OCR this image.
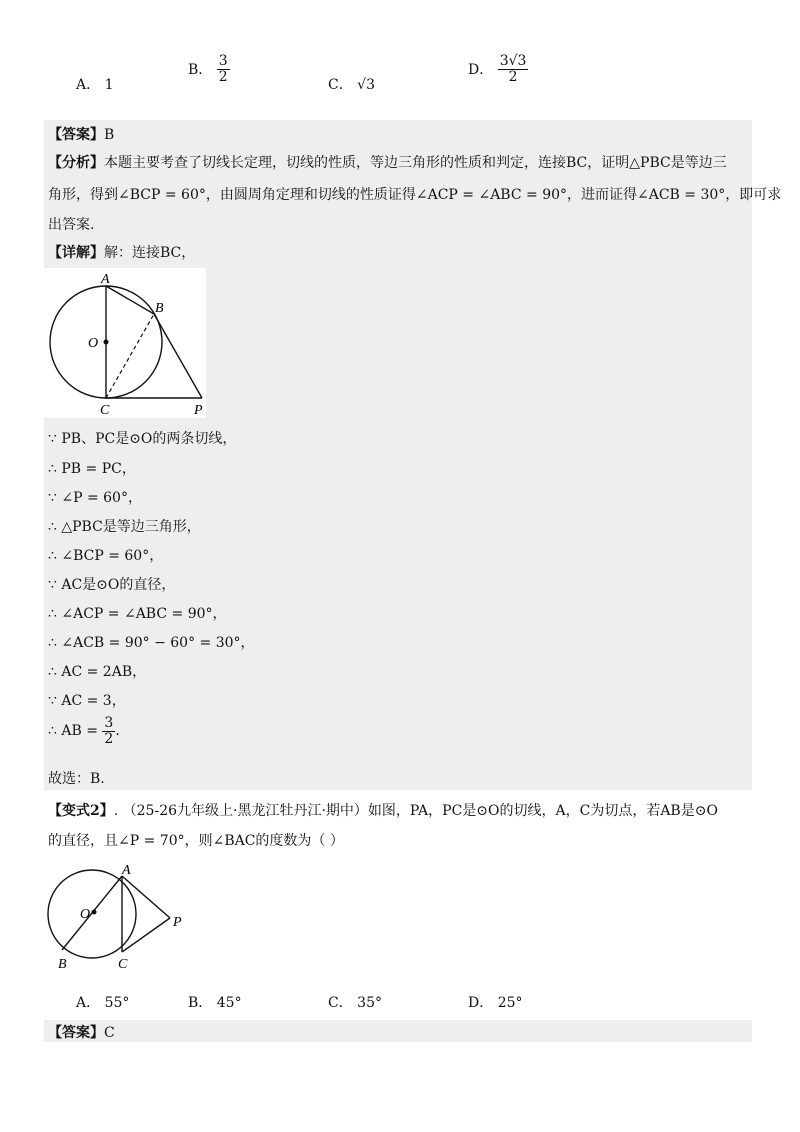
A． 1
B． $\frac{3}{2}$
C． √3
D． $\frac{3√3}{2}$
【答案】B
【分析】本题主要考查了切线长定理，切线的性质，等边三角形的性质和判定，连接BC，证明△PBC是等边三
角形，得到∠BCP = 60°，由圆周角定理和切线的性质证得∠ACP = ∠ABC = 90°，进而证得∠ACB = 30°，即可求
出答案.
【详解】解：连接BC，
A
B
O
C	P
∵ PB、PC是⊙O的两条切线，
∴ PB = PC，
∵ ∠P = 60°，
∴ △PBC是等边三角形，
∴ ∠BCP = 60°，
∵ AC是⊙O的直径，
∴ ∠ACP = ∠ABC = 90°，
∴ ∠ACB = 90° − 60° = 30°，
∴ AC = 2AB，
∵ AC = 3，
∴ AB = $\frac{3}{2}$ .
故选：B.
【变式2】. （25-26九年级上·黑龙江牡丹江·期中）如图，PA，PC是⊙O的切线，A，C为切点，若AB是⊙O
的直径，且∠P = 70°，则∠BAC的度数为（ ）
A
O
P
B	C
A． 55°	B． 45°	C． 35°	D． 25°
【答案】C
